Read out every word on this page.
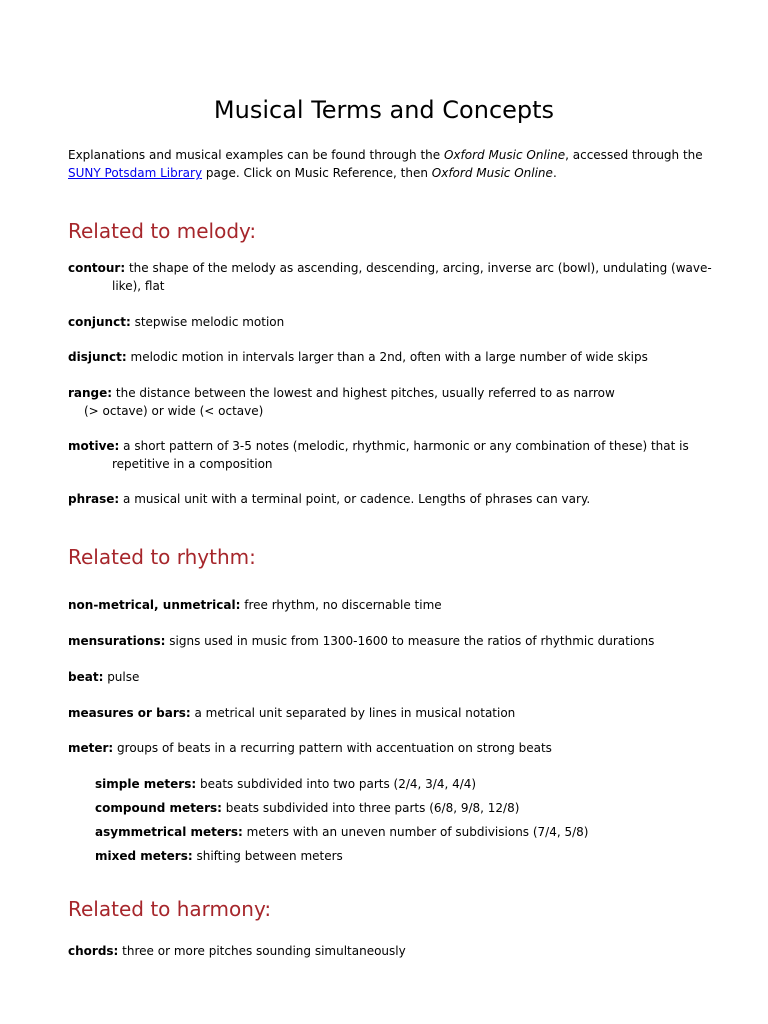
Musical Terms and Concepts
Explanations and musical examples can be found through the Oxford Music Online, accessed through the
SUNY Potsdam Library page. Click on Music Reference, then Oxford Music Online.
Related to melody:
contour: the shape of the melody as ascending, descending, arcing, inverse arc (bowl), undulating (wave-
like), flat
conjunct: stepwise melodic motion
disjunct: melodic motion in intervals larger than a 2nd, often with a large number of wide skips
range: the distance between the lowest and highest pitches, usually referred to as narrow
(> octave) or wide (< octave)
motive: a short pattern of 3-5 notes (melodic, rhythmic, harmonic or any combination of these) that is
repetitive in a composition
phrase: a musical unit with a terminal point, or cadence. Lengths of phrases can vary.
Related to rhythm:
non-metrical, unmetrical: free rhythm, no discernable time
mensurations: signs used in music from 1300-1600 to measure the ratios of rhythmic durations
beat: pulse
measures or bars: a metrical unit separated by lines in musical notation
meter: groups of beats in a recurring pattern with accentuation on strong beats
simple meters: beats subdivided into two parts (2/4, 3/4, 4/4)
compound meters: beats subdivided into three parts (6/8, 9/8, 12/8)
asymmetrical meters: meters with an uneven number of subdivisions (7/4, 5/8)
mixed meters: shifting between meters
Related to harmony:
chords: three or more pitches sounding simultaneously
